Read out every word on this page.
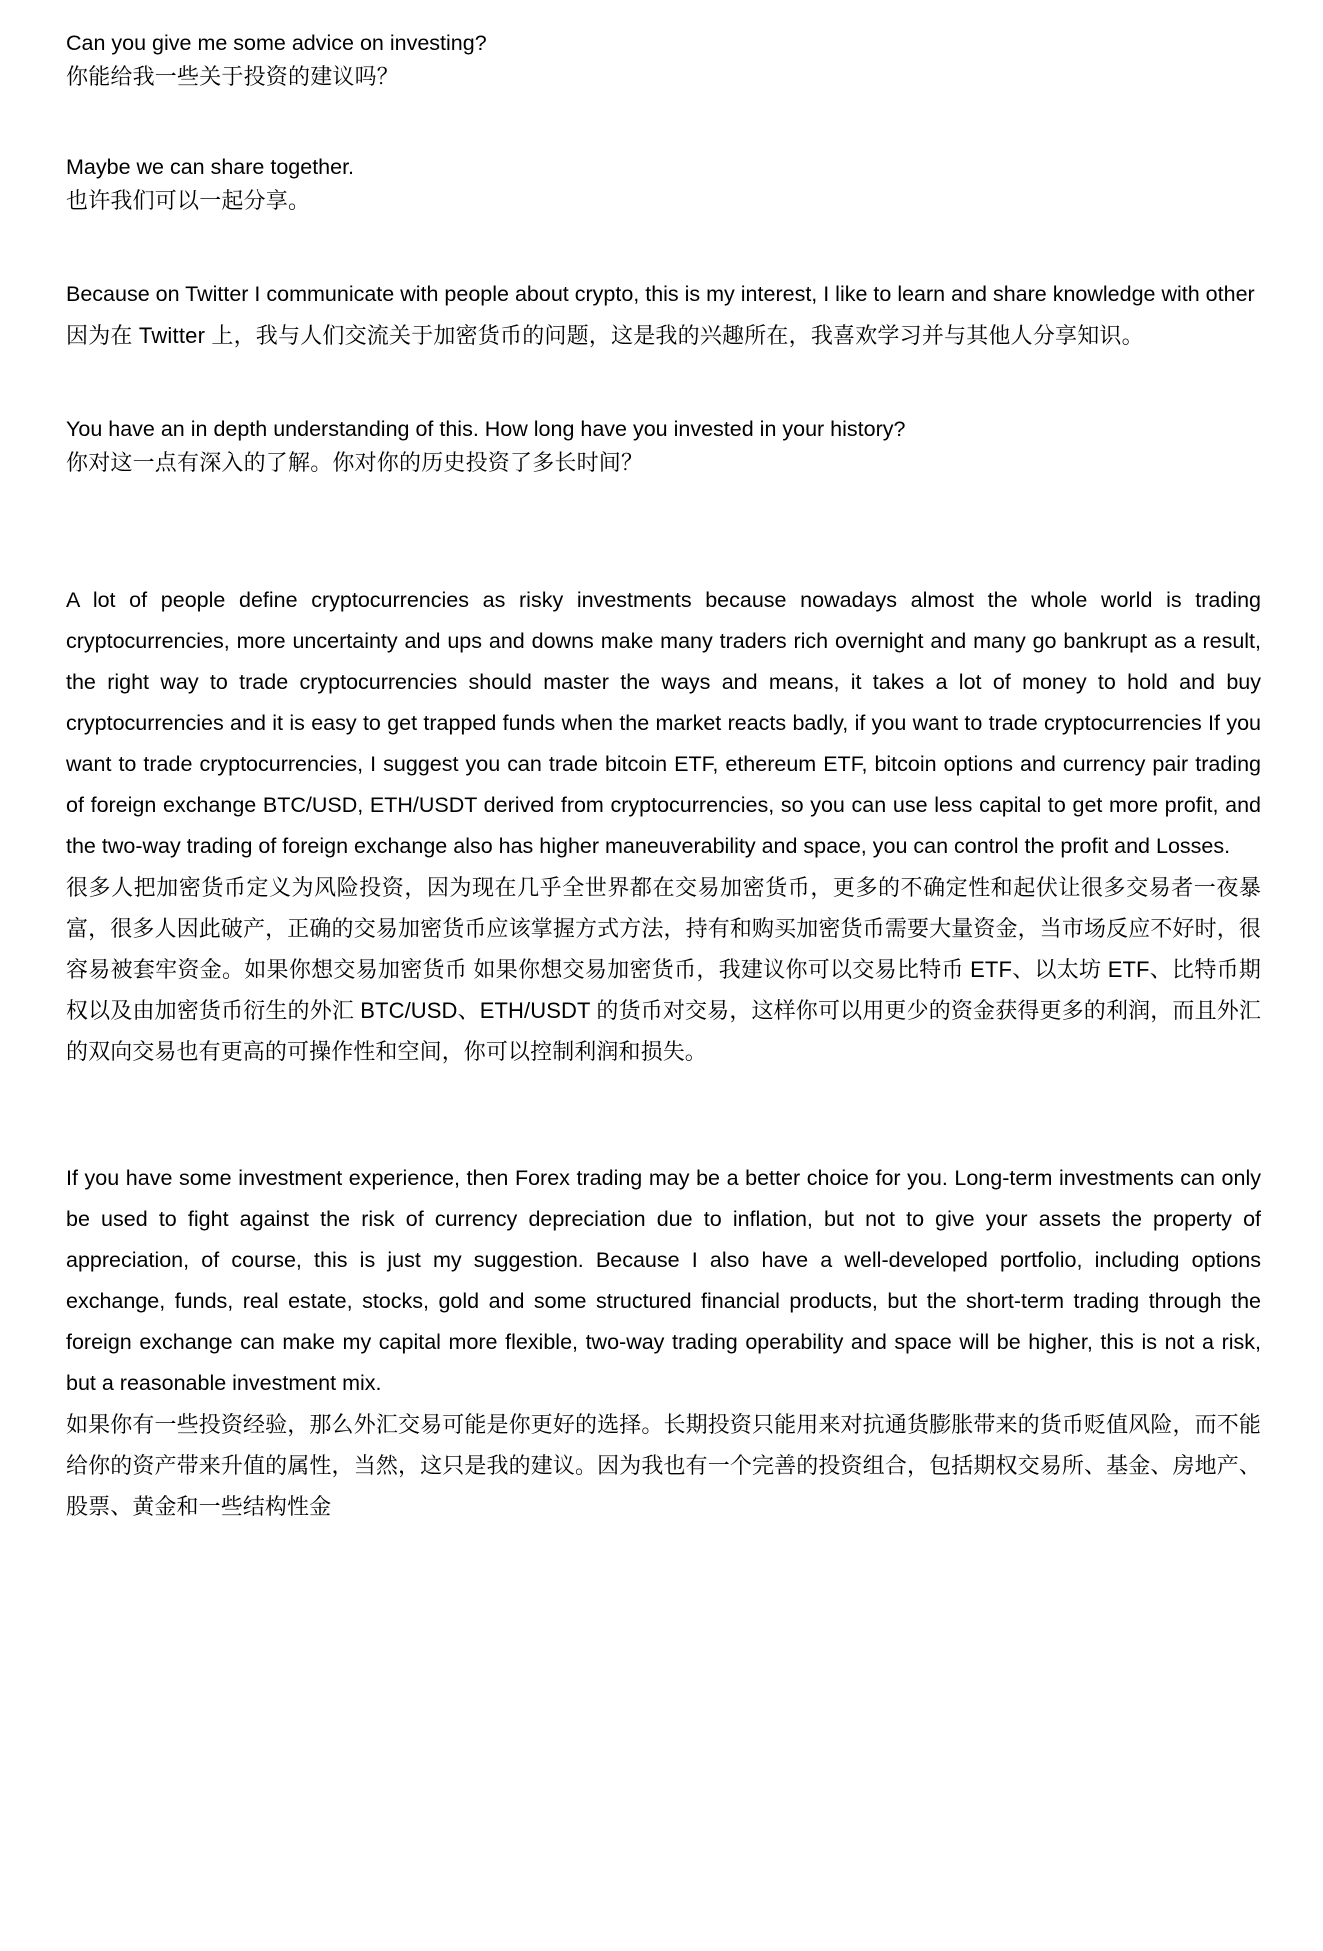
Can you give me some advice on investing?

你能给我一些关于投资的建议吗？

Maybe we can share together.

也许我们可以一起分享。

Because on Twitter I communicate with people about crypto, this is my interest, I like to learn and share knowledge with other

因为在 Twitter 上，我与人们交流关于加密货币的问题，这是我的兴趣所在，我喜欢学习并与其他人分享知识。

You have an in depth understanding of this. How long have you invested in your history?

你对这一点有深入的了解。你对你的历史投资了多长时间？

A lot of people define cryptocurrencies as risky investments because nowadays almost the whole world is trading cryptocurrencies, more uncertainty and ups and downs make many traders rich overnight and many go bankrupt as a result, the right way to trade cryptocurrencies should master the ways and means, it takes a lot of money to hold and buy cryptocurrencies and it is easy to get trapped funds when the market reacts badly, if you want to trade cryptocurrencies If you want to trade cryptocurrencies, I suggest you can trade bitcoin ETF, ethereum ETF, bitcoin options and currency pair trading of foreign exchange BTC/USD, ETH/USDT derived from cryptocurrencies, so you can use less capital to get more profit, and the two-way trading of foreign exchange also has higher maneuverability and space, you can control the profit and Losses.

很多人把加密货币定义为风险投资，因为现在几乎全世界都在交易加密货币，更多的不确定性和起伏让很多交易者一夜暴富，很多人因此破产，正确的交易加密货币应该掌握方式方法，持有和购买加密货币需要大量资金，当市场反应不好时，很容易被套牢资金。如果你想交易加密货币 如果你想交易加密货币，我建议你可以交易比特币 ETF、以太坊 ETF、比特币期权以及由加密货币衍生的外汇 BTC/USD、ETH/USDT 的货币对交易，这样你可以用更少的资金获得更多的利润，而且外汇的双向交易也有更高的可操作性和空间，你可以控制利润和损失。

If you have some investment experience, then Forex trading may be a better choice for you. Long-term investments can only be used to fight against the risk of currency depreciation due to inflation, but not to give your assets the property of appreciation, of course, this is just my suggestion. Because I also have a well-developed portfolio, including options exchange, funds, real estate, stocks, gold and some structured financial products, but the short-term trading through the foreign exchange can make my capital more flexible, two-way trading operability and space will be higher, this is not a risk, but a reasonable investment mix.

如果你有一些投资经验，那么外汇交易可能是你更好的选择。长期投资只能用来对抗通货膨胀带来的货币贬值风险，而不能给你的资产带来升值的属性，当然，这只是我的建议。因为我也有一个完善的投资组合，包括期权交易所、基金、房地产、股票、黄金和一些结构性金
